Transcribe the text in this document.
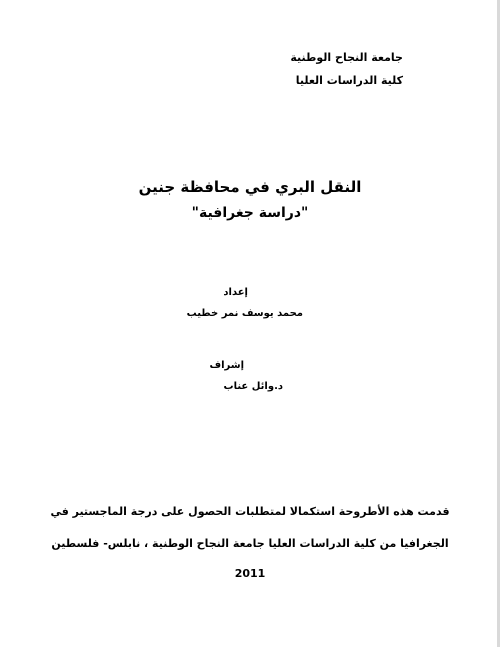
جامعة النجاح الوطنية
كلية الدراسات العليا
النقل البري في محافظة جنين
"دراسة جغرافية"
إعداد
محمد يوسف نمر خطيب
إشراف
د.وائل عناب
قدمت هذه الأطروحة استكمالا لمتطلبات الحصول على درجة الماجستير في
الجغرافيا من كلية الدراسات العليا جامعة النجاح الوطنية ، نابلس- فلسطين
2011
